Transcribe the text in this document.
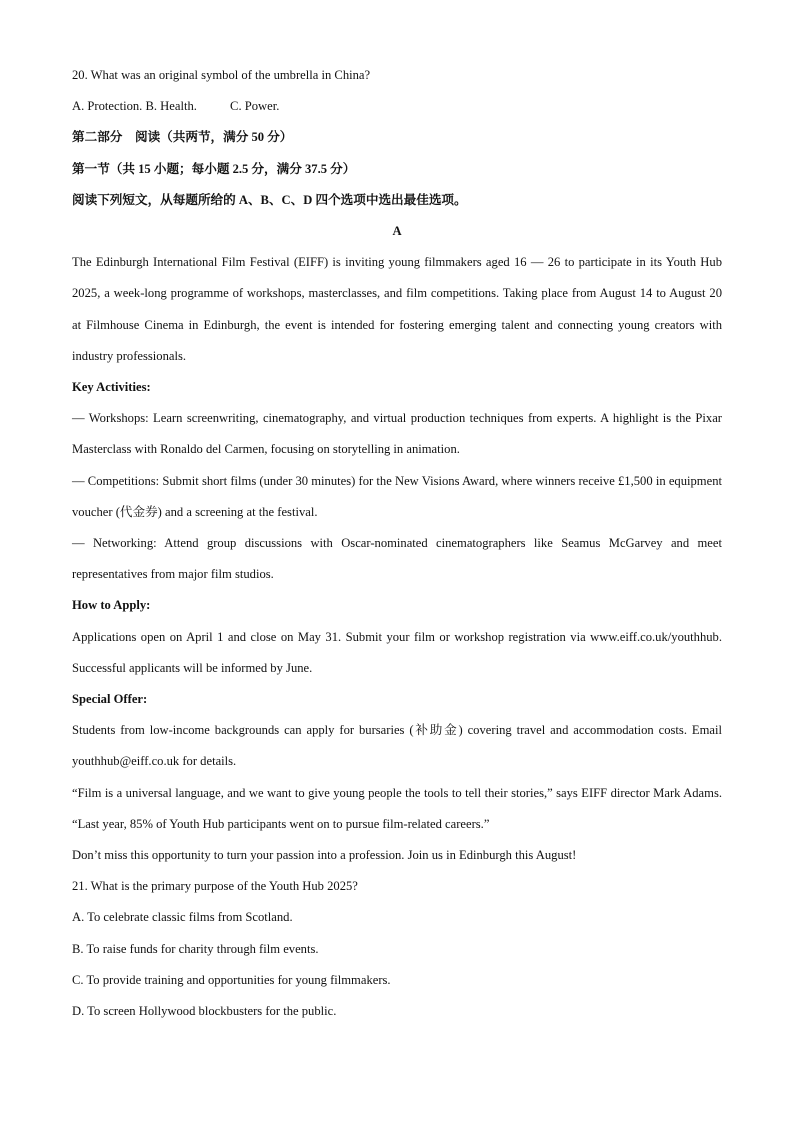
20. What was an original symbol of the umbrella in China?
A. Protection. B. Health.	C. Power.
第二部分　阅读（共两节，满分 50 分）
第一节（共 15 小题；每小题 2.5 分，满分 37.5 分）
阅读下列短文，从每题所给的 A、B、C、D 四个选项中选出最佳选项。
A
The Edinburgh International Film Festival (EIFF) is inviting young filmmakers aged 16 — 26 to participate in its Youth Hub 2025, a week-long programme of workshops, masterclasses, and film competitions. Taking place from August 14 to August 20 at Filmhouse Cinema in Edinburgh, the event is intended for fostering emerging talent and connecting young creators with industry professionals.
Key Activities:
— Workshops: Learn screenwriting, cinematography, and virtual production techniques from experts. A highlight is the Pixar Masterclass with Ronaldo del Carmen, focusing on storytelling in animation.
— Competitions: Submit short films (under 30 minutes) for the New Visions Award, where winners receive £1,500 in equipment voucher (代金券) and a screening at the festival.
— Networking: Attend group discussions with Oscar-nominated cinematographers like Seamus McGarvey and meet representatives from major film studios.
How to Apply:
Applications open on April 1 and close on May 31. Submit your film or workshop registration via www.eiff.co.uk/youthhub. Successful applicants will be informed by June.
Special Offer:
Students from low-income backgrounds can apply for bursaries (补助金) covering travel and accommodation costs. Email youthhub@eiff.co.uk for details.
“Film is a universal language, and we want to give young people the tools to tell their stories,” says EIFF director Mark Adams. “Last year, 85% of Youth Hub participants went on to pursue film-related careers.”
Don’t miss this opportunity to turn your passion into a profession. Join us in Edinburgh this August!
21. What is the primary purpose of the Youth Hub 2025?
A. To celebrate classic films from Scotland.
B. To raise funds for charity through film events.
C. To provide training and opportunities for young filmmakers.
D. To screen Hollywood blockbusters for the public.
